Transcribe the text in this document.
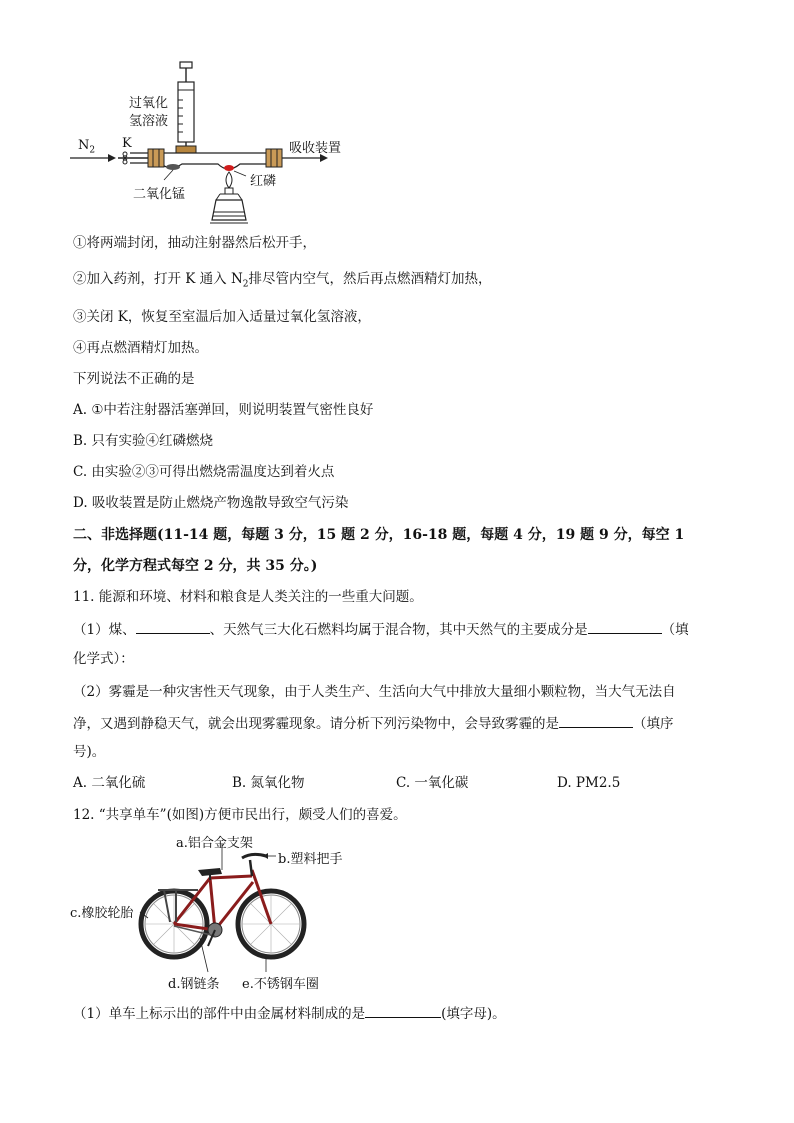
过氧化
氢溶液
$N_2$ K	吸收装置
二氧化锰
红磷
①将两端封闭，抽动注射器然后松开手，
②加入药剂，打开 K 通入 $N_2$排尽管内空气，然后再点燃酒精灯加热，
③关闭 K，恢复至室温后加入适量过氧化氢溶液，
④再点燃酒精灯加热。
下列说法不正确的是
A. ①中若注射器活塞弹回，则说明装置气密性良好
B. 只有实验④红磷燃烧
C. 由实验②③可得出燃烧需温度达到着火点
D. 吸收装置是防止燃烧产物逸散导致空气污染
二、非选择题(11-14 题，每题 3 分，15 题 2 分，16-18 题，每题 4 分，19 题 9 分，每空 1
分，化学方程式每空 2 分，共 35 分。)
11. 能源和环境、材料和粮食是人类关注的一些重大问题。
（1）煤、	、天然气三大化石燃料均属于混合物，其中天然气的主要成分是	（填
化学式）：
（2）雾霾是一种灾害性天气现象，由于人类生产、生活向大气中排放大量细小颗粒物，当大气无法自
净，又遇到静稳天气，就会出现雾霾现象。请分析下列污染物中，会导致雾霾的是	（填序
号)。
A. 二氧化硫	B. 氮氧化物	C. 一氧化碳	D. PM2.5
12. “共享单车”(如图)方便市民出行，颇受人们的喜爱。
a.铝合金支架
b.塑料把手
c.橡胶轮胎
d.钢链条 e.不锈钢车圈
（1）单车上标示出的部件中由金属材料制成的是	(填字母)。
